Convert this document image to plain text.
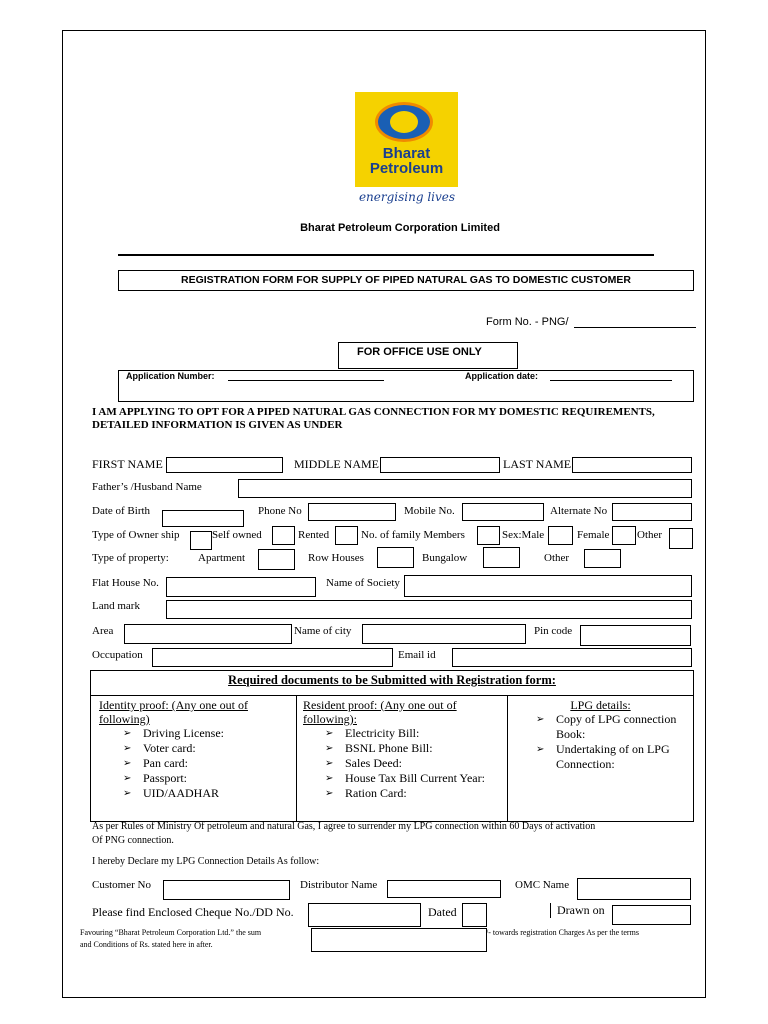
Bharat
Petroleum
energising lives
Bharat Petroleum Corporation Limited
REGISTRATION FORM FOR SUPPLY OF PIPED NATURAL GAS TO DOMESTIC CUSTOMER
Form No. - PNG/
FOR OFFICE USE ONLY
Application Number:	Application date:
I AM APPLYING TO OPT FOR A PIPED NATURAL GAS CONNECTION FOR MY DOMESTIC REQUIREMENTS, DETAILED INFORMATION IS GIVEN AS UNDER
FIRST NAME	MIDDLE NAME	LAST NAME
Father’s /Husband Name
Date of Birth	Phone No	Mobile No.	Alternate No
Type of Owner ship	Self owned	Rented	No. of family Members	Sex:Male	Female	Other
Type of property:	Apartment	Row Houses	Bungalow	Other
Flat House No.	Name of Society
Land mark
Area	Name of city	Pin code
Occupation	Email id
Required documents to be Submitted with Registration form:
Identity proof: (Any one out of
following)
➢ Driving License:
➢ Voter card:
➢ Pan card:
➢ Passport:
➢ UID/AADHAR
Resident proof: (Any one out of
following):
➢ Electricity Bill:
➢ BSNL Phone Bill:
➢ Sales Deed:
➢ House Tax Bill Current Year:
➢ Ration Card:
LPG details:
➢ Copy of LPG connection
Book:
➢ Undertaking of on LPG
Connection:
As per Rules of Ministry Of petroleum and natural Gas, I agree to surrender my LPG connection within 60 Days of activation
Of PNG connection.
I hereby Declare my LPG Connection Details As follow:
Customer No	Distributor Name	OMC Name
Please find Enclosed Cheque No./DD No.	Dated	Drawn on
Favouring “Bharat Petroleum Corporation Ltd.” the sum
and Conditions of Rs. stated here in after.
/- towards registration Charges As per the terms
